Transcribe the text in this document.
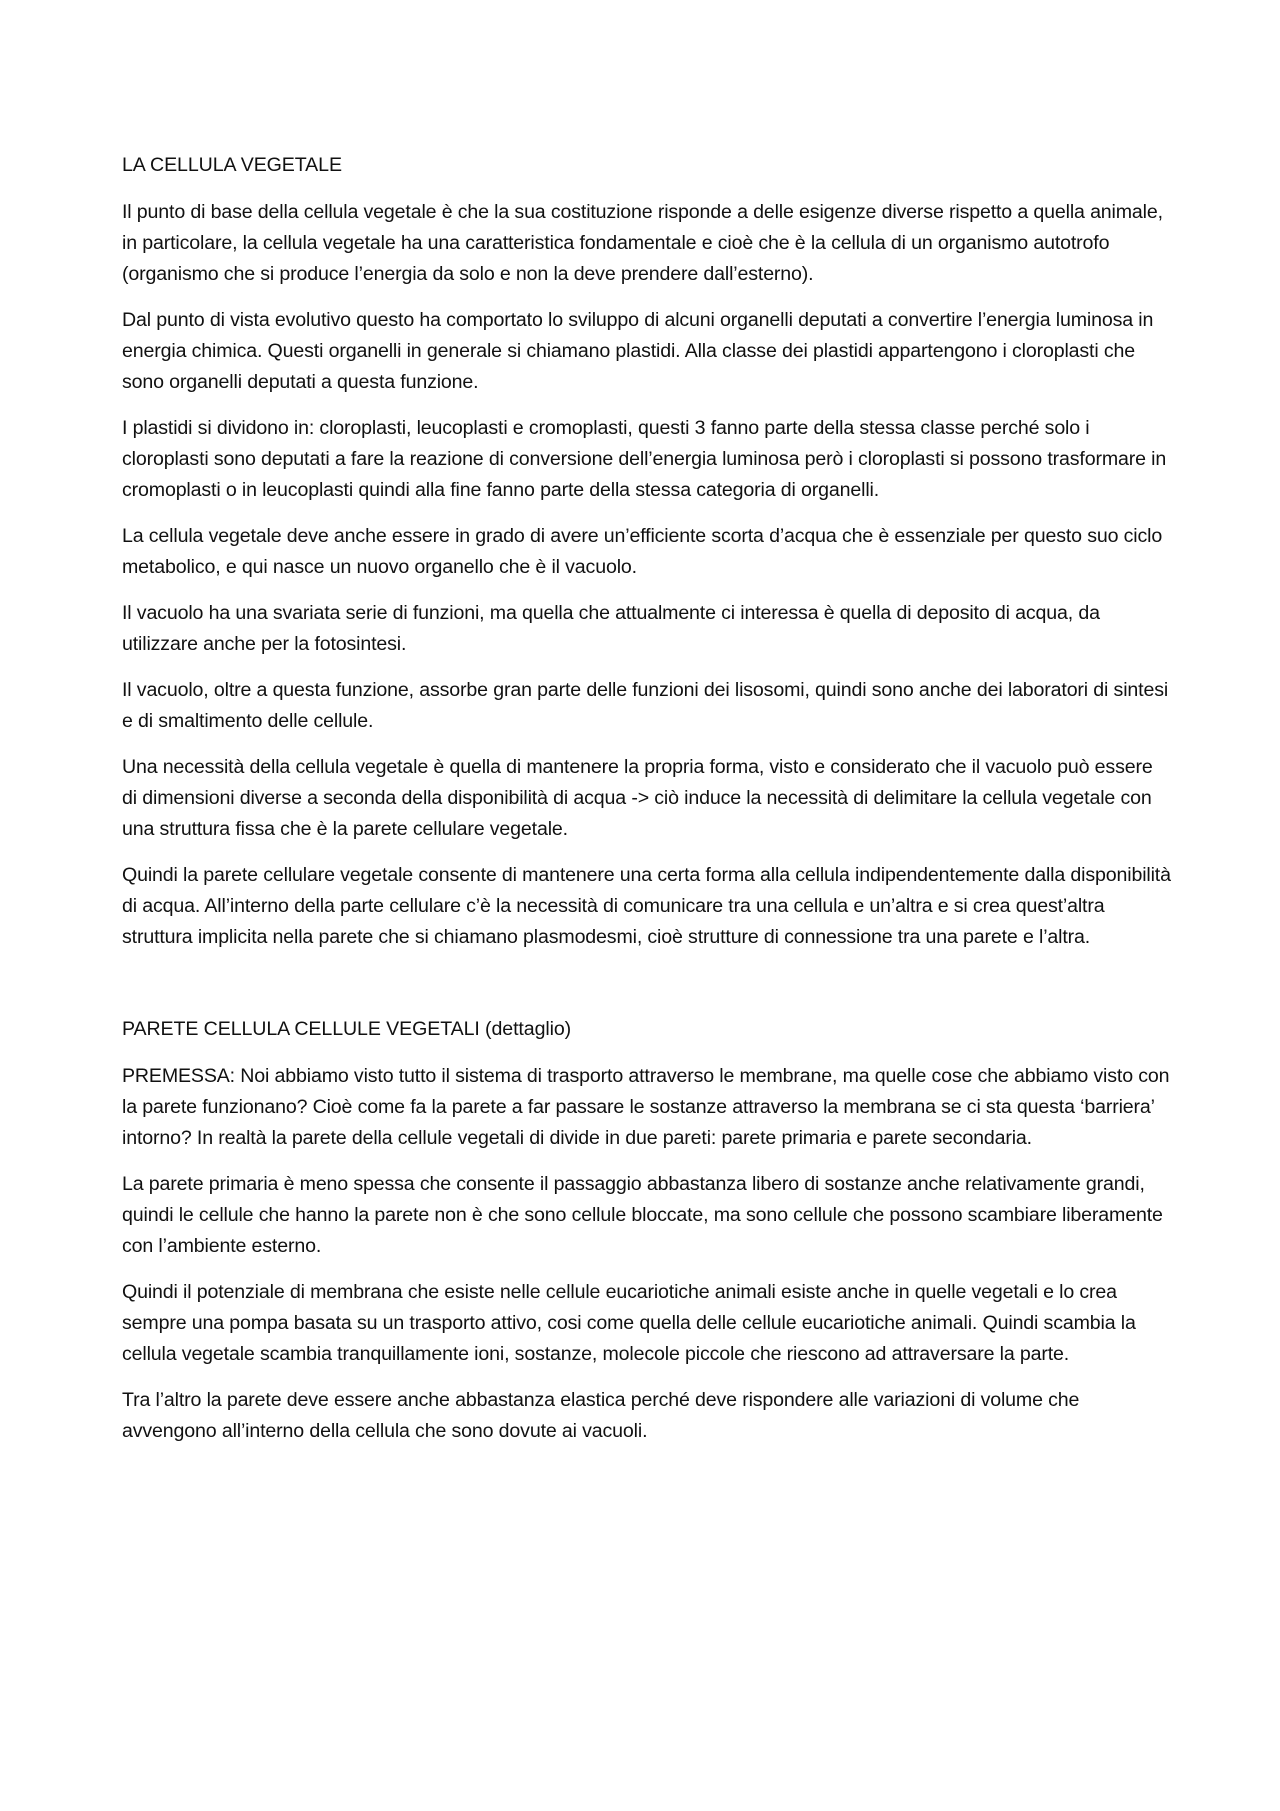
LA CELLULA VEGETALE

Il punto di base della cellula vegetale è che la sua costituzione risponde a delle esigenze diverse rispetto a quella animale, in particolare, la cellula vegetale ha una caratteristica fondamentale e cioè che è la cellula di un organismo autotrofo (organismo che si produce l’energia da solo e non la deve prendere dall’esterno).

Dal punto di vista evolutivo questo ha comportato lo sviluppo di alcuni organelli deputati a convertire l’energia luminosa in energia chimica. Questi organelli in generale si chiamano plastidi. Alla classe dei plastidi appartengono i cloroplasti che sono organelli deputati a questa funzione.

I plastidi si dividono in: cloroplasti, leucoplasti e cromoplasti, questi 3 fanno parte della stessa classe perché solo i cloroplasti sono deputati a fare la reazione di conversione dell’energia luminosa però i cloroplasti si possono trasformare in cromoplasti o in leucoplasti quindi alla fine fanno parte della stessa categoria di organelli.

La cellula vegetale deve anche essere in grado di avere un’efficiente scorta d’acqua che è essenziale per questo suo ciclo metabolico, e qui nasce un nuovo organello che è il vacuolo.

Il vacuolo ha una svariata serie di funzioni, ma quella che attualmente ci interessa è quella di deposito di acqua, da utilizzare anche per la fotosintesi.

Il vacuolo, oltre a questa funzione, assorbe gran parte delle funzioni dei lisosomi, quindi sono anche dei laboratori di sintesi e di smaltimento delle cellule.

Una necessità della cellula vegetale è quella di mantenere la propria forma, visto e considerato che il vacuolo può essere di dimensioni diverse a seconda della disponibilità di acqua -> ciò induce la necessità di delimitare la cellula vegetale con una struttura fissa che è la parete cellulare vegetale.

Quindi la parete cellulare vegetale consente di mantenere una certa forma alla cellula indipendentemente dalla disponibilità di acqua. All’interno della parte cellulare c’è la necessità di comunicare tra una cellula e un’altra e si crea quest’altra struttura implicita nella parete che si chiamano plasmodesmi, cioè strutture di connessione tra una parete e l’altra.

PARETE CELLULA CELLULE VEGETALI (dettaglio)

PREMESSA: Noi abbiamo visto tutto il sistema di trasporto attraverso le membrane, ma quelle cose che abbiamo visto con la parete funzionano? Cioè come fa la parete a far passare le sostanze attraverso la membrana se ci sta questa ‘barriera’ intorno? In realtà la parete della cellule vegetali di divide in due pareti: parete primaria e parete secondaria.

La parete primaria è meno spessa che consente il passaggio abbastanza libero di sostanze anche relativamente grandi, quindi le cellule che hanno la parete non è che sono cellule bloccate, ma sono cellule che possono scambiare liberamente con l’ambiente esterno.

Quindi il potenziale di membrana che esiste nelle cellule eucariotiche animali esiste anche in quelle vegetali e lo crea sempre una pompa basata su un trasporto attivo, cosi come quella delle cellule eucariotiche animali. Quindi scambia la cellula vegetale scambia tranquillamente ioni, sostanze, molecole piccole che riescono ad attraversare la parte.

Tra l’altro la parete deve essere anche abbastanza elastica perché deve rispondere alle variazioni di volume che avvengono all’interno della cellula che sono dovute ai vacuoli.
